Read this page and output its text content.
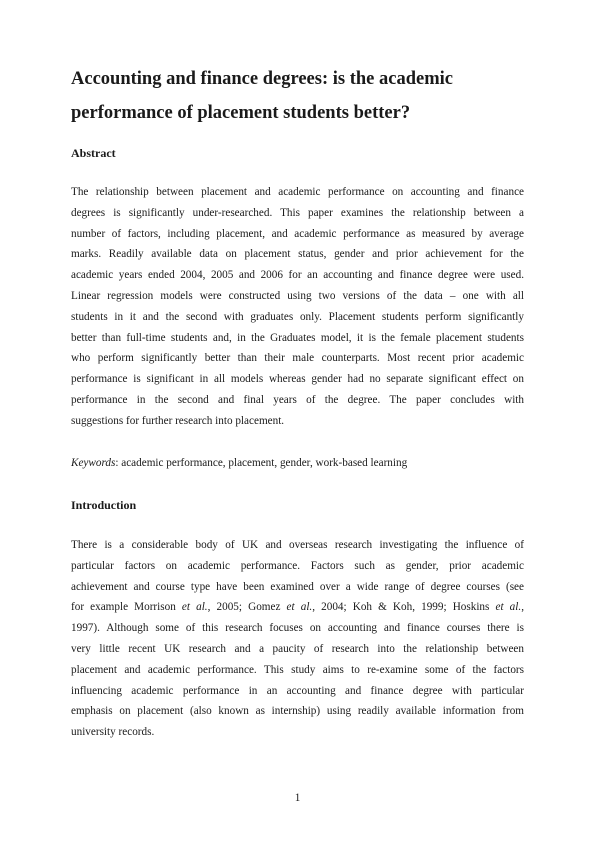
Accounting and finance degrees: is the academic
performance of placement students better?
Abstract
The relationship between placement and academic performance on accounting and finance
degrees is significantly under-researched. This paper examines the relationship between a
number of factors, including placement, and academic performance as measured by average
marks. Readily available data on placement status, gender and prior achievement for the
academic years ended 2004, 2005 and 2006 for an accounting and finance degree were used.
Linear regression models were constructed using two versions of the data – one with all
students in it and the second with graduates only. Placement students perform significantly
better than full-time students and, in the Graduates model, it is the female placement students
who perform significantly better than their male counterparts. Most recent prior academic
performance is significant in all models whereas gender had no separate significant effect on
performance in the second and final years of the degree. The paper concludes with
suggestions for further research into placement.

Keywords: academic performance, placement, gender, work-based learning

Introduction
There is a considerable body of UK and overseas research investigating the influence of
particular factors on academic performance. Factors such as gender, prior academic
achievement and course type have been examined over a wide range of degree courses (see
for example Morrison et al., 2005; Gomez et al., 2004; Koh & Koh, 1999; Hoskins et al.,
1997). Although some of this research focuses on accounting and finance courses there is
very little recent UK research and a paucity of research into the relationship between
placement and academic performance. This study aims to re-examine some of the factors
influencing academic performance in an accounting and finance degree with particular
emphasis on placement (also known as internship) using readily available information from
university records.
1
